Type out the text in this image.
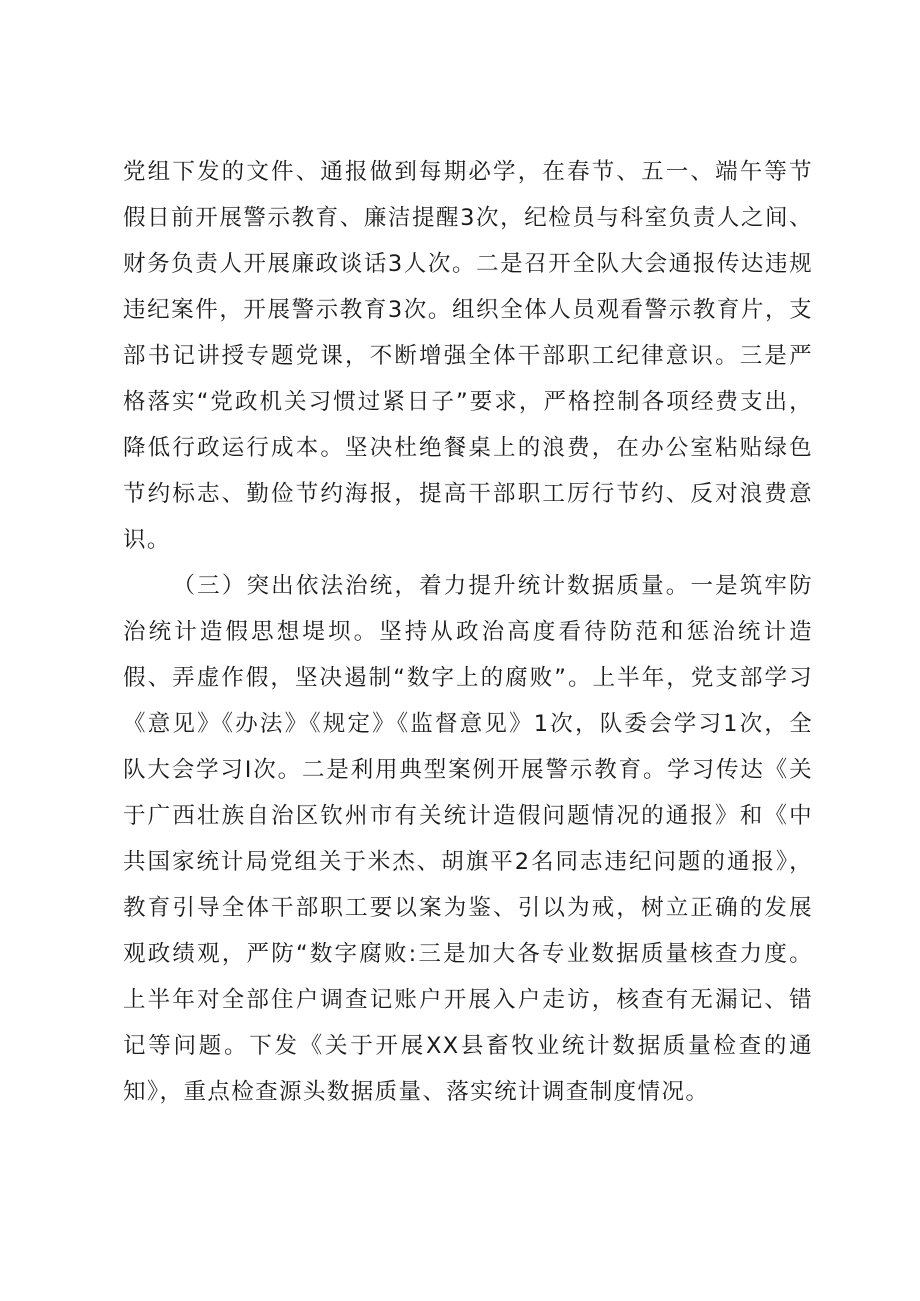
党组下发的文件、通报做到每期必学，在春节、五一、端午等节假日前开展警示教育、廉洁提醒3次，纪检员与科室负责人之间、财务负责人开展廉政谈话3人次。二是召开全队大会通报传达违规违纪案件，开展警示教育3次。组织全体人员观看警示教育片，支部书记讲授专题党课，不断增强全体干部职工纪律意识。三是严格落实“党政机关习惯过紧日子”要求，严格控制各项经费支出，降低行政运行成本。坚决杜绝餐桌上的浪费，在办公室粘贴绿色节约标志、勤俭节约海报，提高干部职工厉行节约、反对浪费意识。

（三）突出依法治统，着力提升统计数据质量。一是筑牢防治统计造假思想堤坝。坚持从政治高度看待防范和惩治统计造假、弄虚作假，坚决遏制“数字上的腐败”。上半年，党支部学习《意见》《办法》《规定》《监督意见》1次，队委会学习1次，全队大会学习I次。二是利用典型案例开展警示教育。学习传达《关于广西壮族自治区钦州市有关统计造假问题情况的通报》和《中共国家统计局党组关于米杰、胡旗平2名同志违纪问题的通报》，教育引导全体干部职工要以案为鉴、引以为戒，树立正确的发展观政绩观，严防“数字腐败:三是加大各专业数据质量核查力度。上半年对全部住户调查记账户开展入户走访，核查有无漏记、错记等问题。下发《关于开展XX县畜牧业统计数据质量检查的通知》，重点检查源头数据质量、落实统计调查制度情况。
